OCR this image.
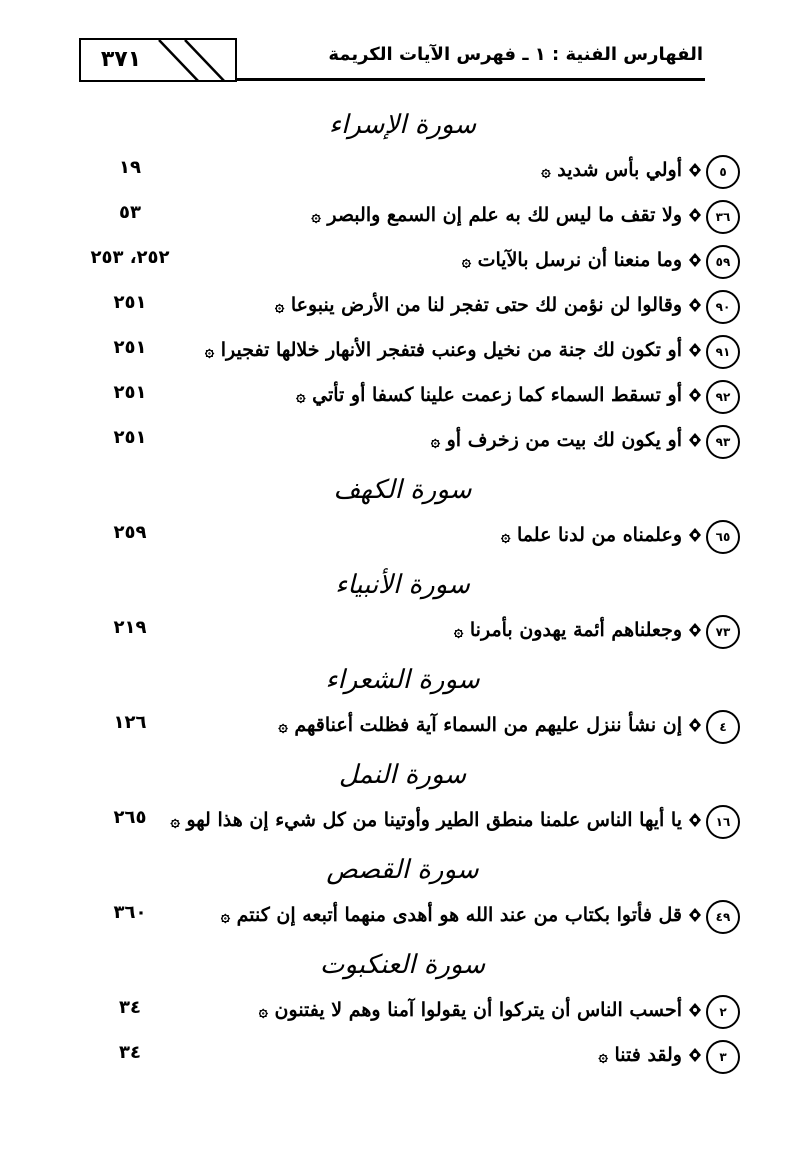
٣٧١	الفهارس الفنية : ١ ـ فهرس الآيات الكريمة
سورة الإسراء
٥
أولي بأس شديد ۞
١٩
٣٦
ولا تقف ما ليس لك به علم إن السمع والبصر ۞
٥٣
٥٩
وما منعنا أن نرسل بالآيات ۞
٢٥٢، ٢٥٣
٩٠
وقالوا لن نؤمن لك حتى تفجر لنا من الأرض ينبوعا ۞
٢٥١
٩١
أو تكون لك جنة من نخيل وعنب فتفجر الأنهار خلالها تفجيرا ۞
٢٥١
٩٢
أو تسقط السماء كما زعمت علينا كسفا أو تأتي ۞
٢٥١
٩٣
أو يكون لك بيت من زخرف أو ۞
٢٥١
سورة الكهف
٦٥
وعلمناه من لدنا علما ۞
٢٥٩
سورة الأنبياء
٧٣
وجعلناهم أئمة يهدون بأمرنا ۞
٢١٩
سورة الشعراء
٤
إن نشأ ننزل عليهم من السماء آية فظلت أعناقهم ۞
١٢٦
سورة النمل
١٦
يا أيها الناس علمنا منطق الطير وأوتينا من كل شيء إن هذا لهو ۞
٢٦٥
سورة القصص
٤٩
قل فأتوا بكتاب من عند الله هو أهدى منهما أتبعه إن كنتم ۞
٣٦٠
سورة العنكبوت
٢
أحسب الناس أن يتركوا أن يقولوا آمنا وهم لا يفتنون ۞
٣٤
٣
ولقد فتنا ۞
٣٤
